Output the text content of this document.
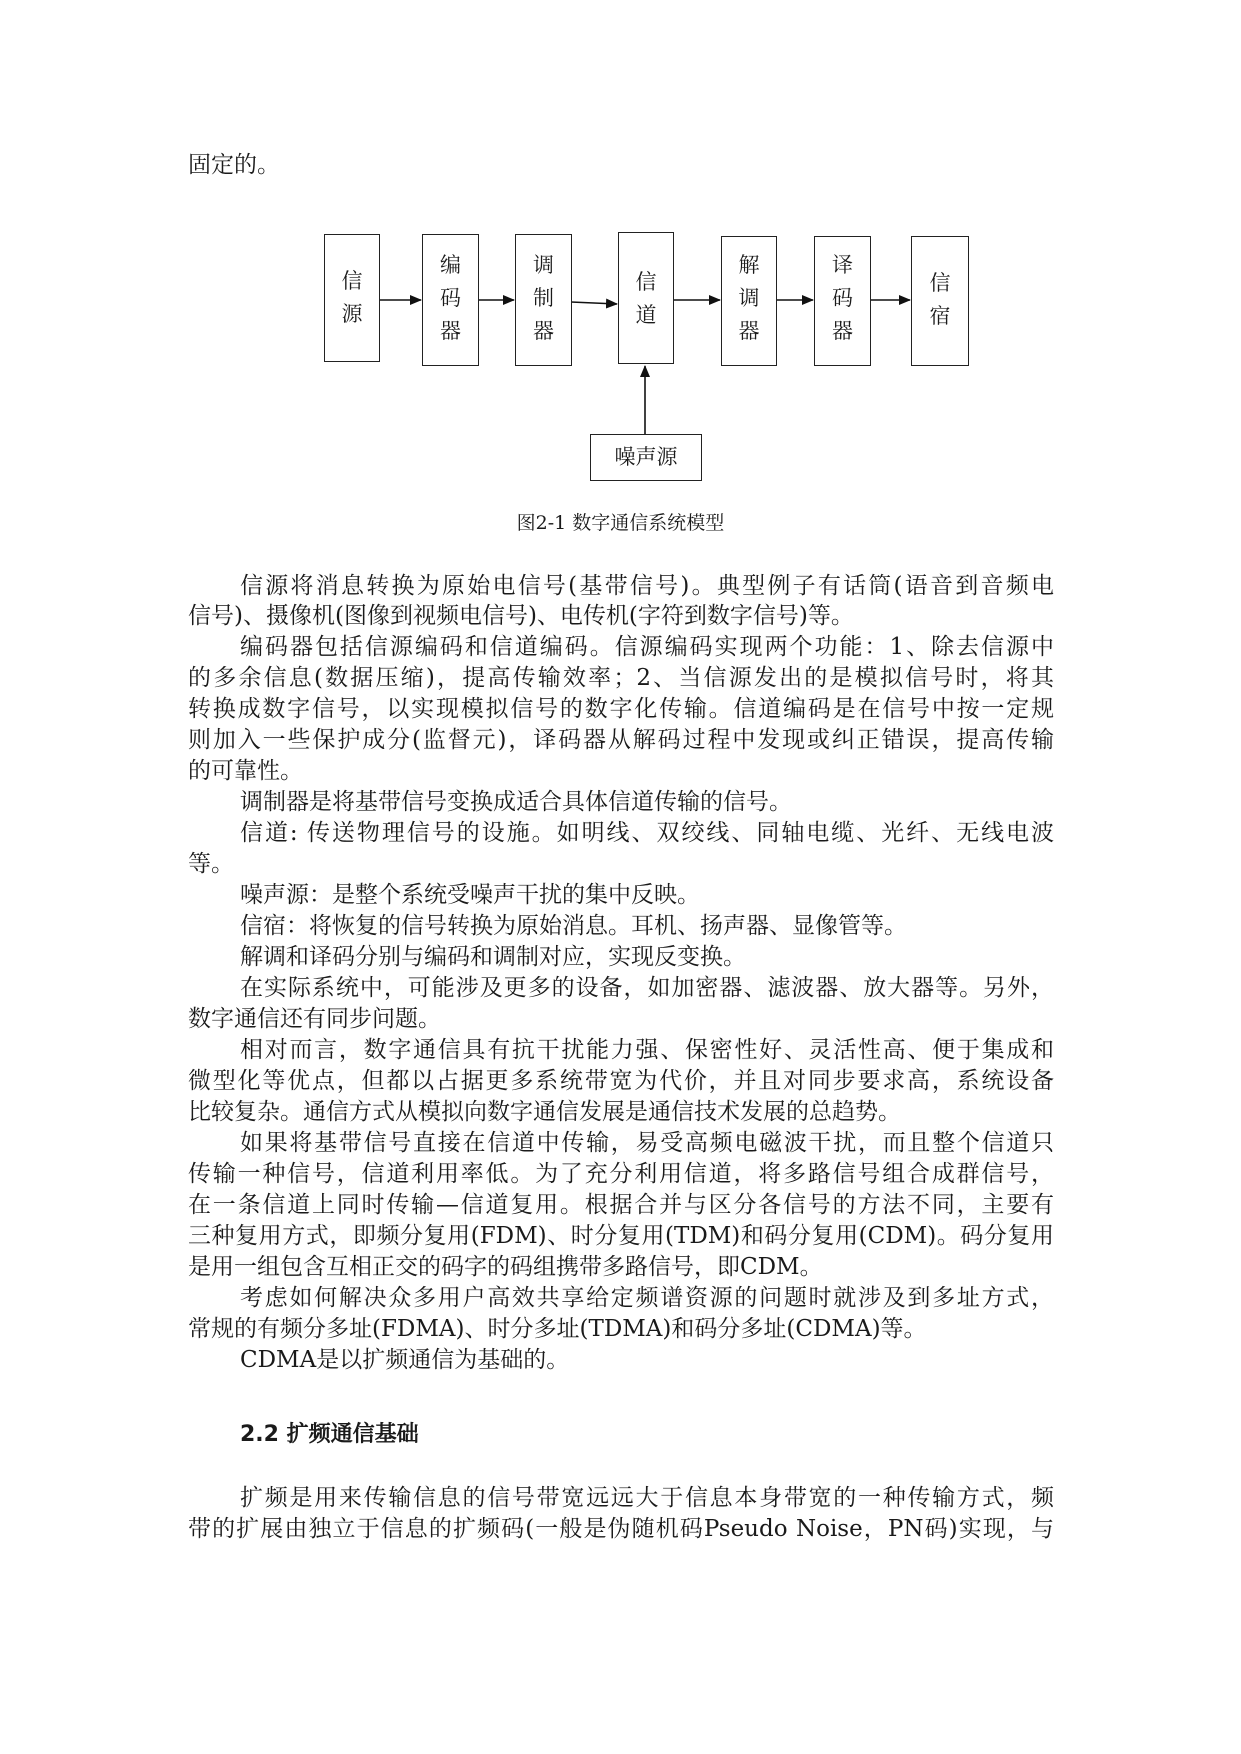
固定的。
信
源
编
码
器
调
制
器
信
道
解
调
器
译
码
器
信
宿
噪声源
图2-1 数字通信系统模型
信源将消息转换为原始电信号(基带信号)。典型例子有话筒(语音到音频电
信号)、摄像机(图像到视频电信号)、电传机(字符到数字信号)等。
编码器包括信源编码和信道编码。信源编码实现两个功能：1、除去信源中
的多余信息(数据压缩)，提高传输效率；2、当信源发出的是模拟信号时，将其
转换成数字信号，以实现模拟信号的数字化传输。信道编码是在信号中按一定规
则加入一些保护成分(监督元)，译码器从解码过程中发现或纠正错误，提高传输
的可靠性。
调制器是将基带信号变换成适合具体信道传输的信号。
信道: 传送物理信号的设施。如明线、双绞线、同轴电缆、光纤、无线电波
等。
噪声源：是整个系统受噪声干扰的集中反映。
信宿：将恢复的信号转换为原始消息。耳机、扬声器、显像管等。
解调和译码分别与编码和调制对应，实现反变换。
在实际系统中，可能涉及更多的设备，如加密器、滤波器、放大器等。另外，
数字通信还有同步问题。
相对而言，数字通信具有抗干扰能力强、保密性好、灵活性高、便于集成和
微型化等优点，但都以占据更多系统带宽为代价，并且对同步要求高，系统设备
比较复杂。通信方式从模拟向数字通信发展是通信技术发展的总趋势。
如果将基带信号直接在信道中传输，易受高频电磁波干扰，而且整个信道只
传输一种信号，信道利用率低。为了充分利用信道，将多路信号组合成群信号，
在一条信道上同时传输—信道复用。根据合并与区分各信号的方法不同，主要有
三种复用方式，即频分复用(FDM)、时分复用(TDM)和码分复用(CDM)。码分复用
是用一组包含互相正交的码字的码组携带多路信号，即CDM。
考虑如何解决众多用户高效共享给定频谱资源的问题时就涉及到多址方式，
常规的有频分多址(FDMA)、时分多址(TDMA)和码分多址(CDMA)等。
CDMA是以扩频通信为基础的。
2.2 扩频通信基础
扩频是用来传输信息的信号带宽远远大于信息本身带宽的一种传输方式，频
带的扩展由独立于信息的扩频码(一般是伪随机码Pseudo Noise，PN码)实现，与
